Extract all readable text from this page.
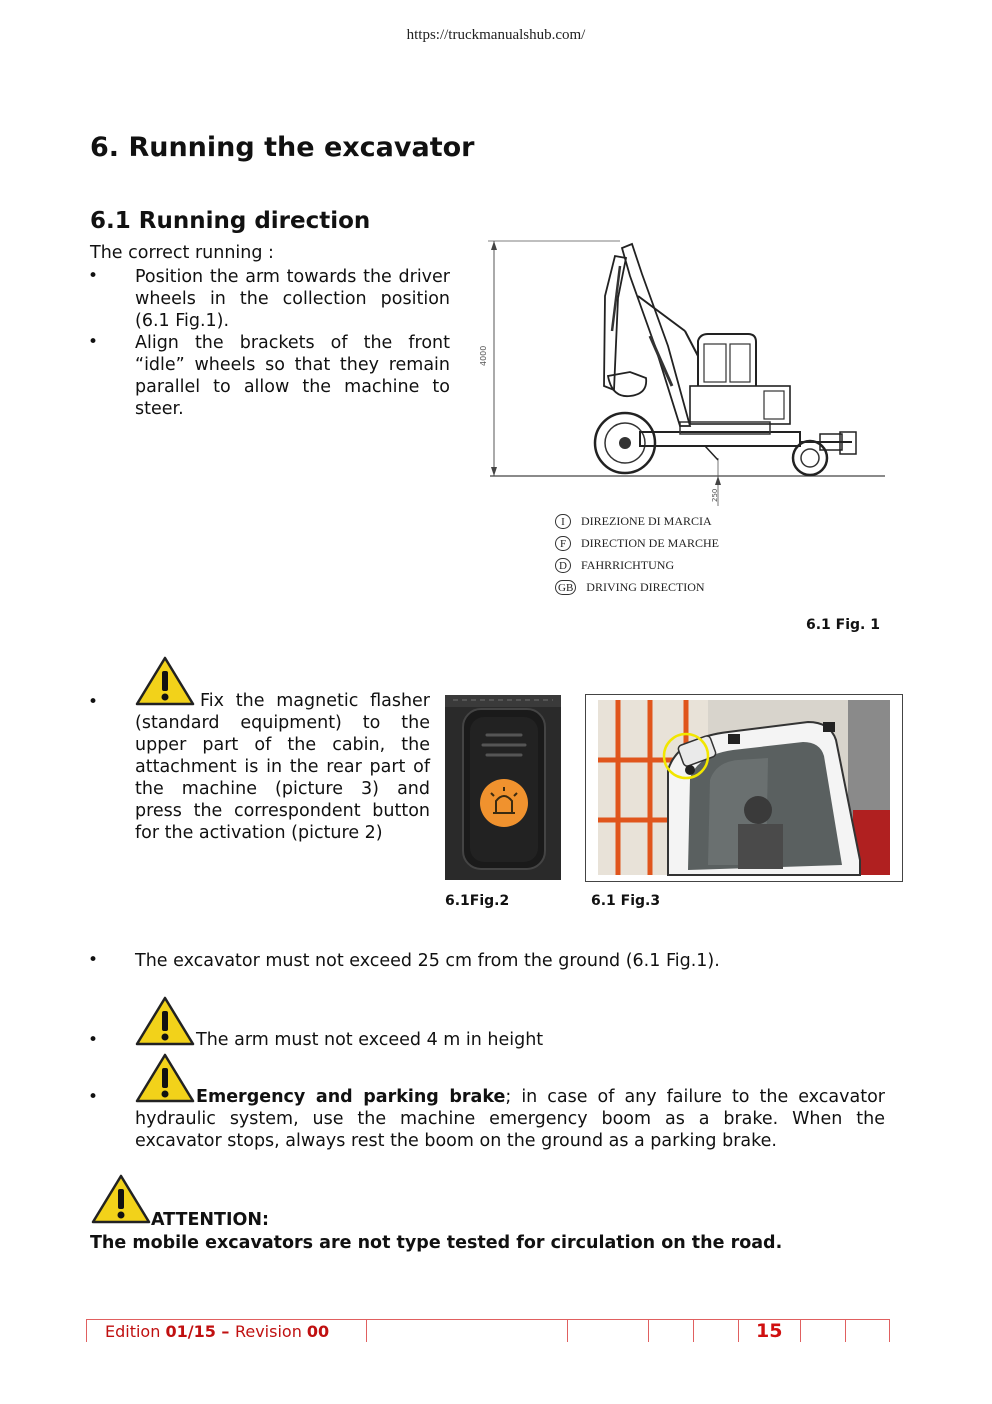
https://truckmanualshub.com/
6. Running the excavator
6.1 Running direction
The correct running :
• Position the arm towards the driver wheels in the collection position (6.1 Fig.1).
• Align the brackets of the front “idle” wheels so that they remain parallel to allow the machine to steer.
4000
250
I	DIREZIONE DI MARCIA
F	DIRECTION DE MARCHE
D	FAHRRICHTUNG
GB DRIVING DIRECTION
6.1 Fig. 1
•	Fix the magnetic flasher (standard equipment) to the upper part of the cabin, the attachment is in the rear part of the machine (picture 3) and press the correspondent button for the activation (picture 2)
6.1Fig.2	6.1 Fig.3
• The excavator must not exceed 25 cm from the ground (6.1 Fig.1).
•	The arm must not exceed 4 m in height
•	Emergency and parking brake; in case of any failure to the excavator
hydraulic system, use the machine emergency boom as a brake. When the excavator stops, always rest the boom on the ground as a parking brake.
ATTENTION:
The mobile excavators are not type tested for circulation on the road.
Edition 01/15 – Revision 00	15
